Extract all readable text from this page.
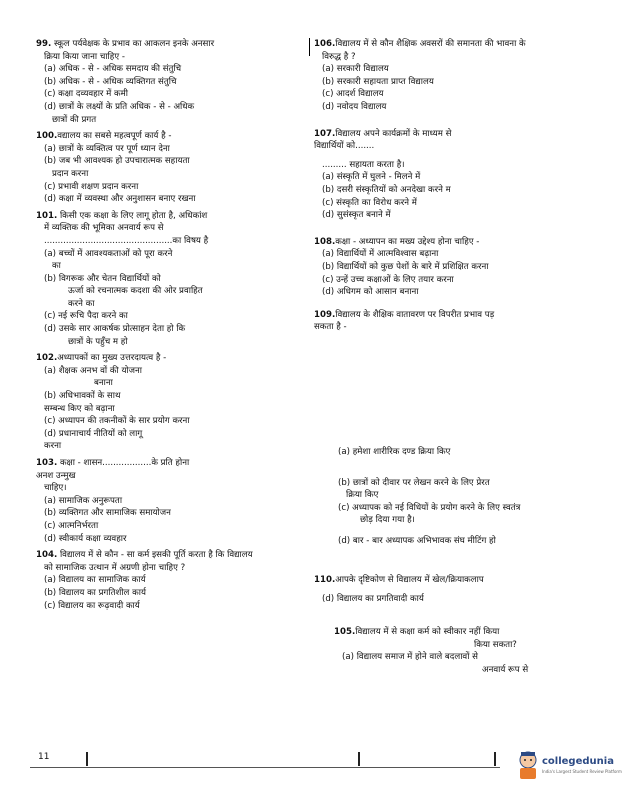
99. स्कूल पर्यवेक्षक के प्रभाव का आकलन इनके अनसार
क्रिया किया जाना चाहिए -
(a) अधिक - से - अधिक समदाय की संतुचि
(b) अधिक - से - अधिक व्यक्तिगत संतुचि
(c) कक्षा दव्यवहार में कमी
(d) छात्रों के लक्ष्यों के प्रति अधिक - से - अधिक
छात्रों की प्रगत
100.वद्यालय का सबसे महत्वपूर्ण कार्य है -
(a) छात्रों के व्यक्तित्व पर पूर्ण ध्यान देना
(b) जब भी आवश्यक हो उपचारात्मक सहायता
प्रदान करना
(c) प्रभावी शक्षण प्रदान करना
(d) कक्षा में व्यवस्था और अनुशासन बनाए रखना
101. किसी एक कक्षा के लिए लागू होता है, अधिकांश
में व्यक्तिक की भूमिका अनवार्य रूप से
...............................................का विषय है
(a) बच्चों में आवश्यकताओं को पूरा करने
का
(b) विगरूक और चेतन विद्यार्थियों को
ऊर्जा को रचनात्मक कदशा की ओर प्रवाहित
करने का
(c) नई रूचि पैदा करने का
(d) उसके सार आकर्षक प्रोत्साहन देता हो कि
छात्रों के पहुँच म हो
102.अध्यापकों का मुख्य उत्तरदायत्व है -
(a) शैक्षक अनभ वों की योजना
बनाना
(b) अधिभावकों के साथ
सम्बन्ध किए को बढ़ाना
(c) अध्यापन की तकनीकों के सार प्रयोग करना
(d) प्रधानाचार्य नीतियों को लागू
करना
103. कक्षा - शासन..................के प्रति होना
अनश उन्मुख
चाहिए।
(a) सामाजिक अनुरूपता
(b) व्यक्तिगत और सामाजिक समायोजन
(c) आत्मनिर्भरता
(d) स्वीकार्य कक्षा व्यवहार
104. विद्यालय में से कौन - सा कर्म इसकी पूर्ति करता है कि विद्यालय
को सामाजिक उत्थान में अग्रणी होना चाहिए ?
(a) विद्यालय का सामाजिक कार्य
(b) विद्यालय का प्रगतिशील कार्य
(c) विद्यालय का रूढ़वादी कार्य
106.विद्यालय में से कौन शैक्षिक अवसरों की समानता की भावना के
विरुद्ध है ?
(a) सरकारी विद्यालय
(b) सरकारी सहायता प्राप्त विद्यालय
(c) आदर्श विद्यालय
(d) नवोदय विद्यालय
107.विद्यालय अपने कार्यक्रमों के माध्यम से
विद्यार्थियों को.......
......... सहायता करता है।
(a) संस्कृति में घुलने - मिलने में
(b) दसरी संस्कृतियों को अनदेखा करने म
(c) संस्कृति का विरोध करने में
(d) सुसंस्कृत बनाने में
108.कक्षा - अध्यापन का मख्य उद्देश्य होना चाहिए -
(a) विद्यार्थियों में आत्मविश्वास बढ़ाना
(b) विद्यार्थियों को कुछ पेशों के बारे में प्रशिक्षित करना
(c) उन्हें उच्च कक्षाओं के लिए तयार करना
(d) अधिगम को आसान बनाना
109.विद्यालय के शैक्षिक वातावरण पर विपरीत प्रभाव पड़
सकता है -
(a) हमेशा शारीरिक दण्ड क्रिया किए
(b) छात्रों को दीवार पर लेखन करने के लिए प्रेरत
क्रिया किए
(c) अध्यापक को नई विधियों के प्रयोग करने के लिए स्वतंत्र
छोड़ दिया गया है।
(d) बार - बार अध्यापक अभिभावक संघ मीटिंग हो
110.आपके दृष्टिकोण से विद्यालय में खेल/क्रियाकलाप
(d) विद्यालय का प्रगतिवादी कार्य
105.विद्यालय में से कक्षा कर्म को स्वीकार नहीं किया
किया सकता?
(a) विद्यालय समाज में होने वाले बदलावों से
अनवार्य रूप से
11	collegedunia
India's Largest Student Review Platform
